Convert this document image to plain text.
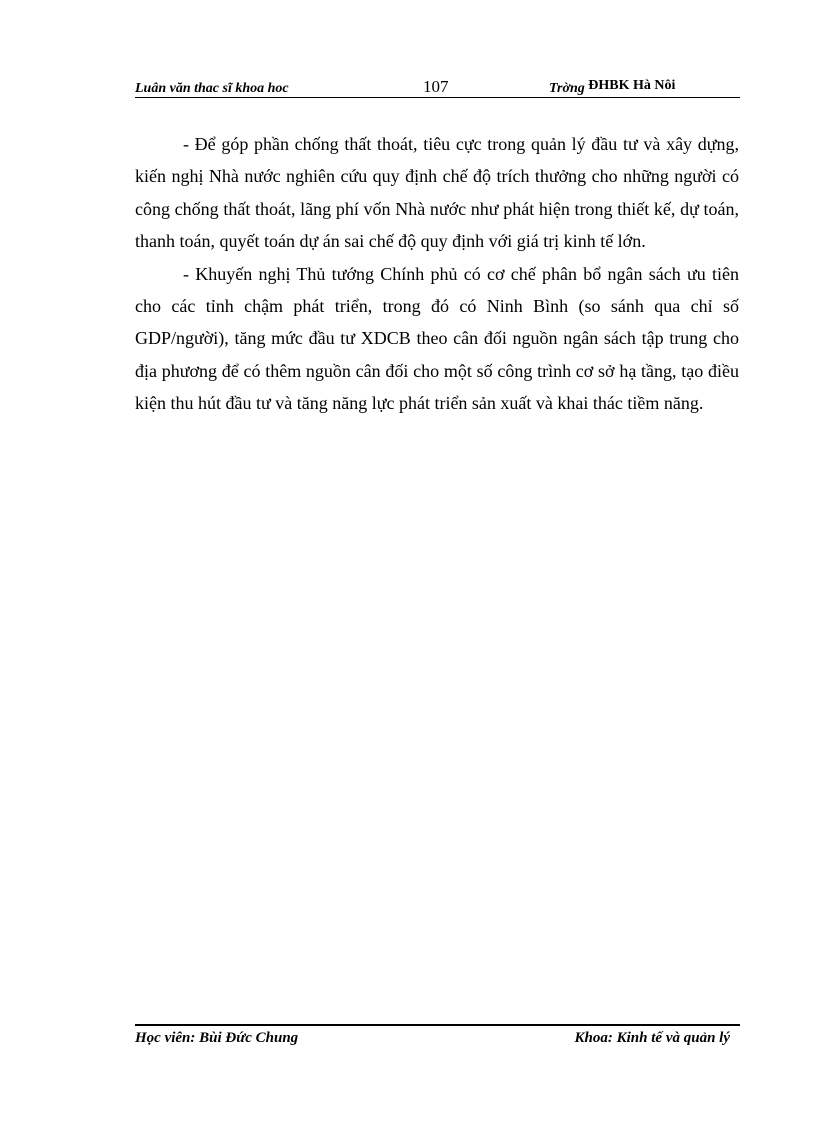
Luân văn thac sĩ khoa hoc	107	Trờng ĐHBK Hà Nôi

- Để góp phần chống thất thoát, tiêu cực trong quản lý đầu tư và xây dựng, kiến nghị Nhà nước nghiên cứu quy định chế độ trích thưởng cho những người có công chống thất thoát, lãng phí vốn Nhà nước như phát hiện trong thiết kế, dự toán, thanh toán, quyết toán dự án sai chế độ quy định với giá trị kinh tế lớn.

- Khuyến nghị Thủ tướng Chính phủ có cơ chế phân bổ ngân sách ưu tiên cho các tỉnh chậm phát triển, trong đó có Ninh Bình (so sánh qua chỉ số GDP/người), tăng mức đầu tư XDCB theo cân đối nguồn ngân sách tập trung cho địa phương để có thêm nguồn cân đối cho một số công trình cơ sở hạ tầng, tạo điều kiện thu hút đầu tư và tăng năng lực phát triển sản xuất và khai thác tiềm năng.

Học viên: Bùi Đức Chung	Khoa: Kinh tế và quản lý
